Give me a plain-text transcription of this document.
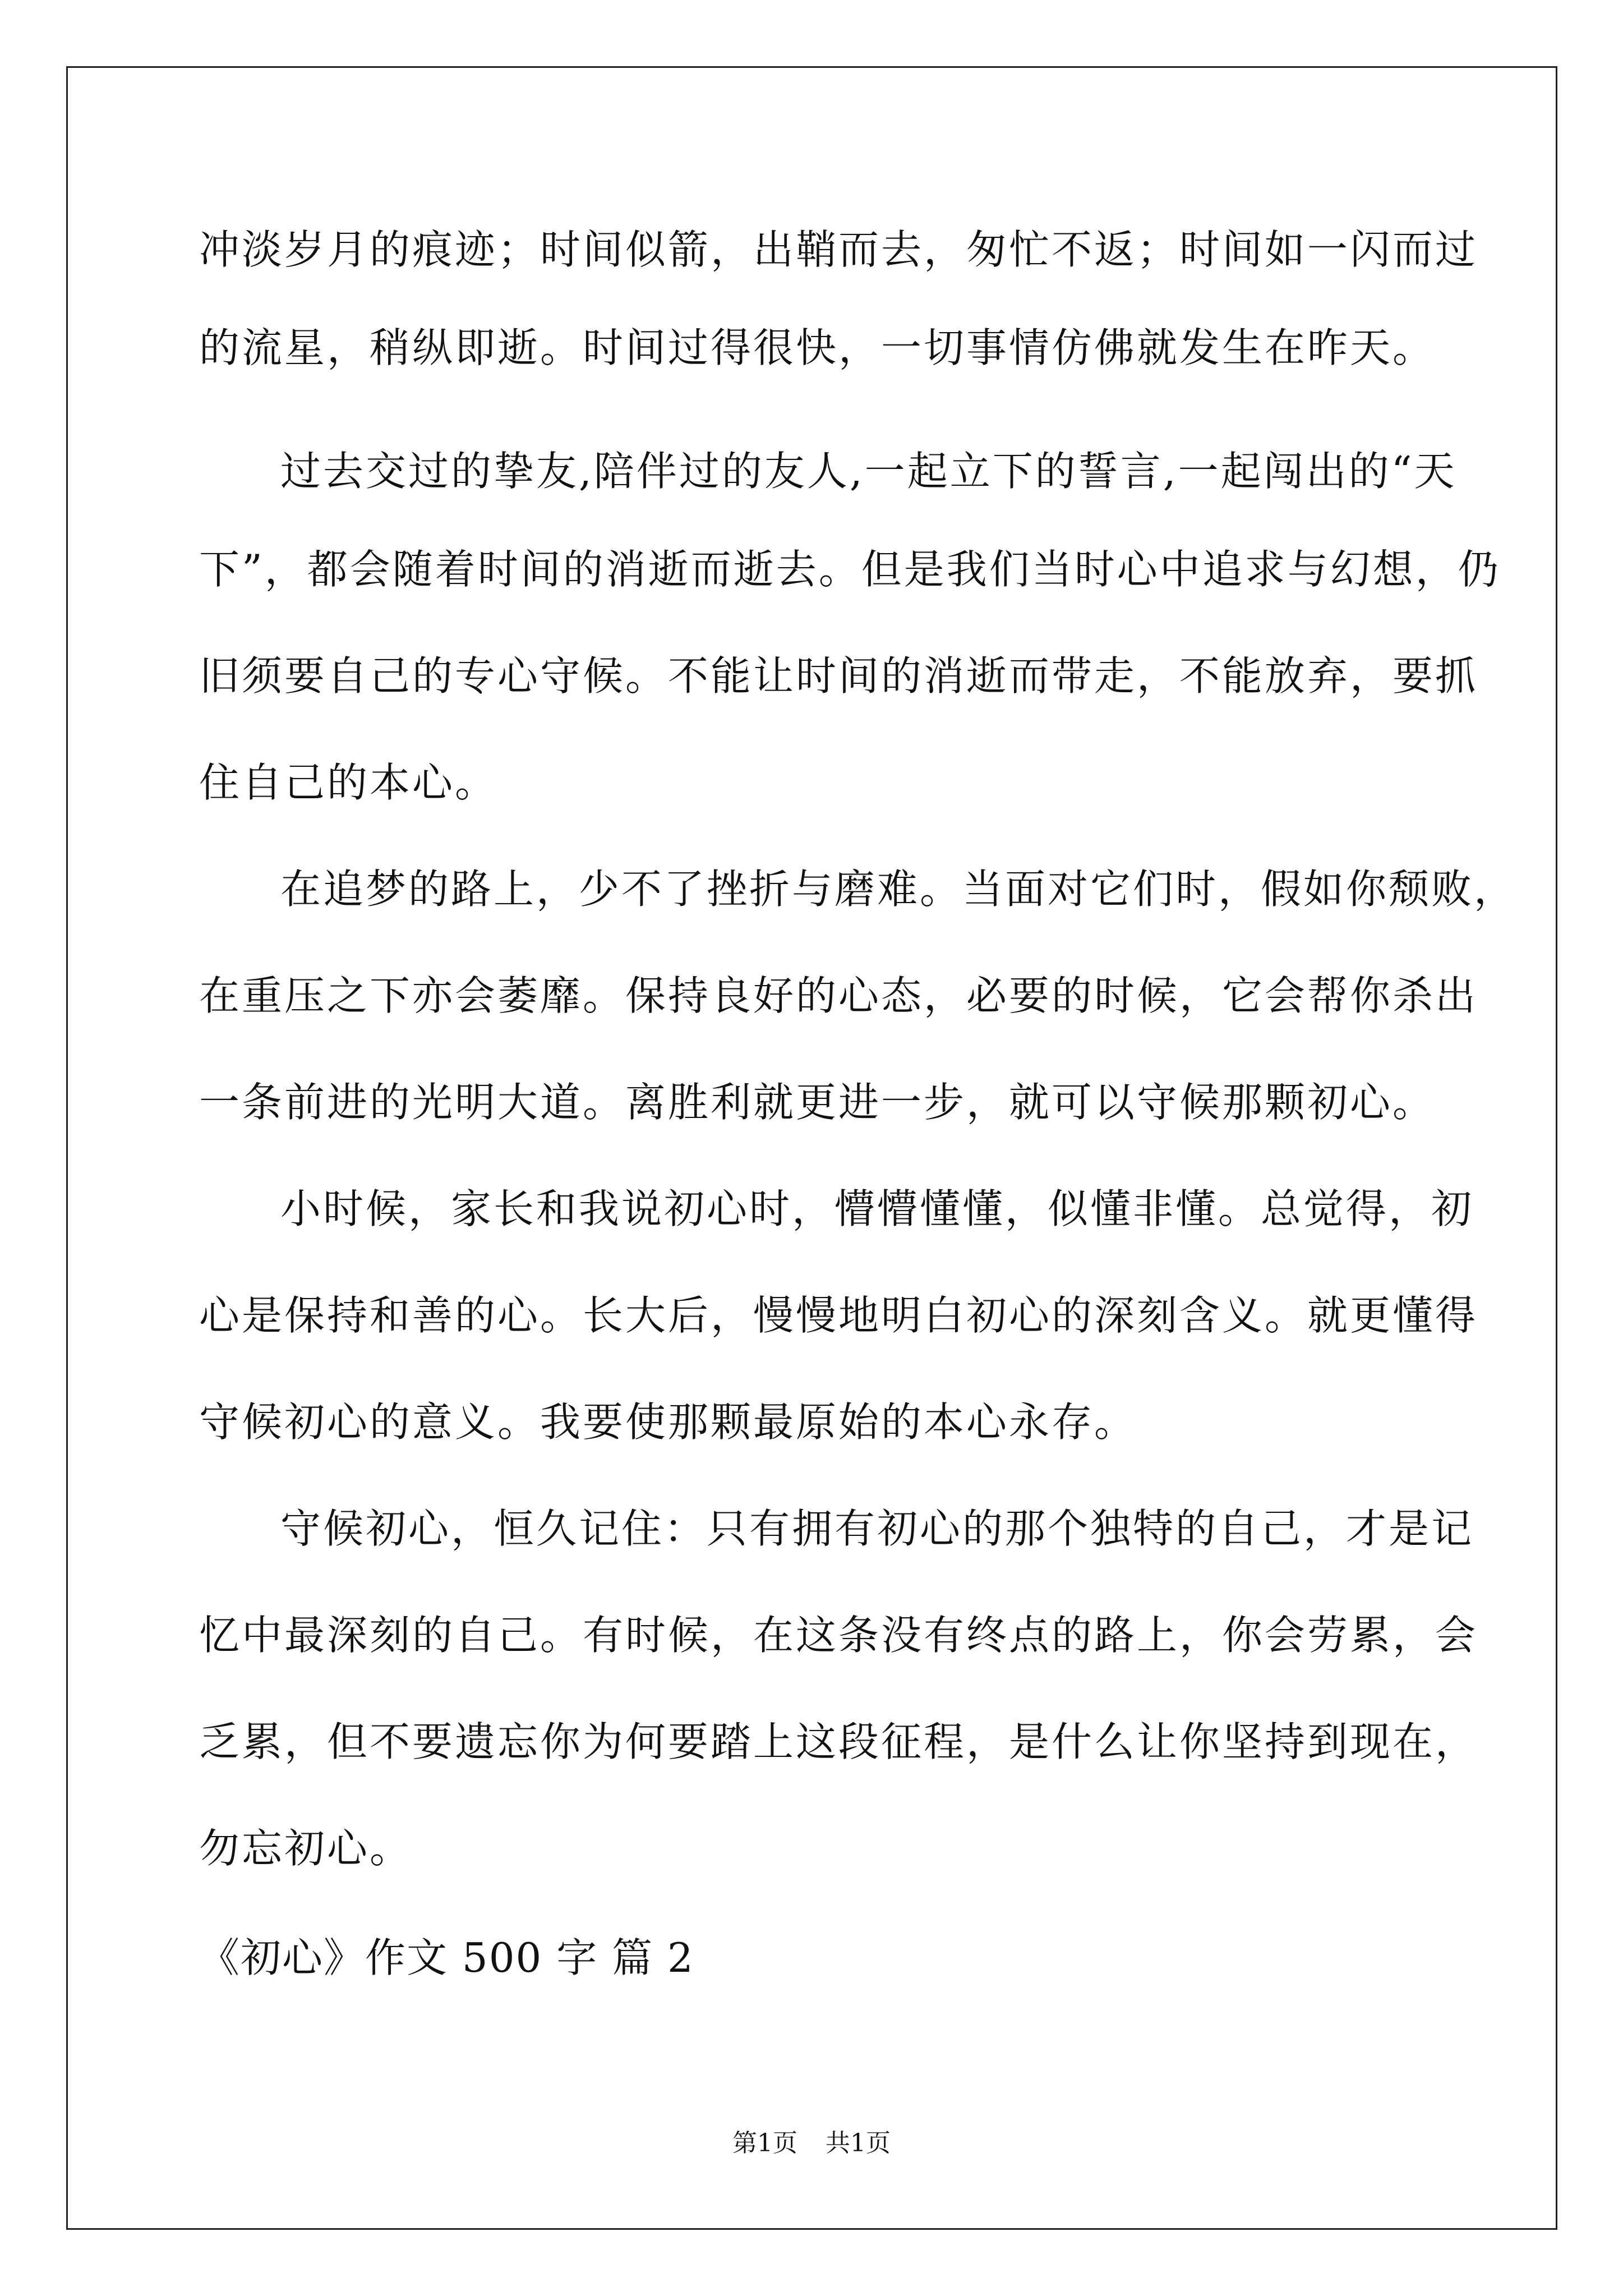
冲淡岁月的痕迹；时间似箭，出鞘而去，匆忙不返；时间如一闪而过
的流星，稍纵即逝。时间过得很快，一切事情仿佛就发生在昨天。
过去交过的挚友,陪伴过的友人,一起立下的誓言,一起闯出的“天
下”，都会随着时间的消逝而逝去。但是我们当时心中追求与幻想，仍
旧须要自己的专心守候。不能让时间的消逝而带走，不能放弃，要抓
住自己的本心。
在追梦的路上，少不了挫折与磨难。当面对它们时，假如你颓败，
在重压之下亦会萎靡。保持良好的心态，必要的时候，它会帮你杀出
一条前进的光明大道。离胜利就更进一步，就可以守候那颗初心。
小时候，家长和我说初心时，懵懵懂懂，似懂非懂。总觉得，初
心是保持和善的心。长大后，慢慢地明白初心的深刻含义。就更懂得
守候初心的意义。我要使那颗最原始的本心永存。
守候初心，恒久记住：只有拥有初心的那个独特的自己，才是记
忆中最深刻的自己。有时候，在这条没有终点的路上，你会劳累，会
乏累，但不要遗忘你为何要踏上这段征程，是什么让你坚持到现在，
勿忘初心。
《初心》作文 500 字 篇 2
第1页 共1页
